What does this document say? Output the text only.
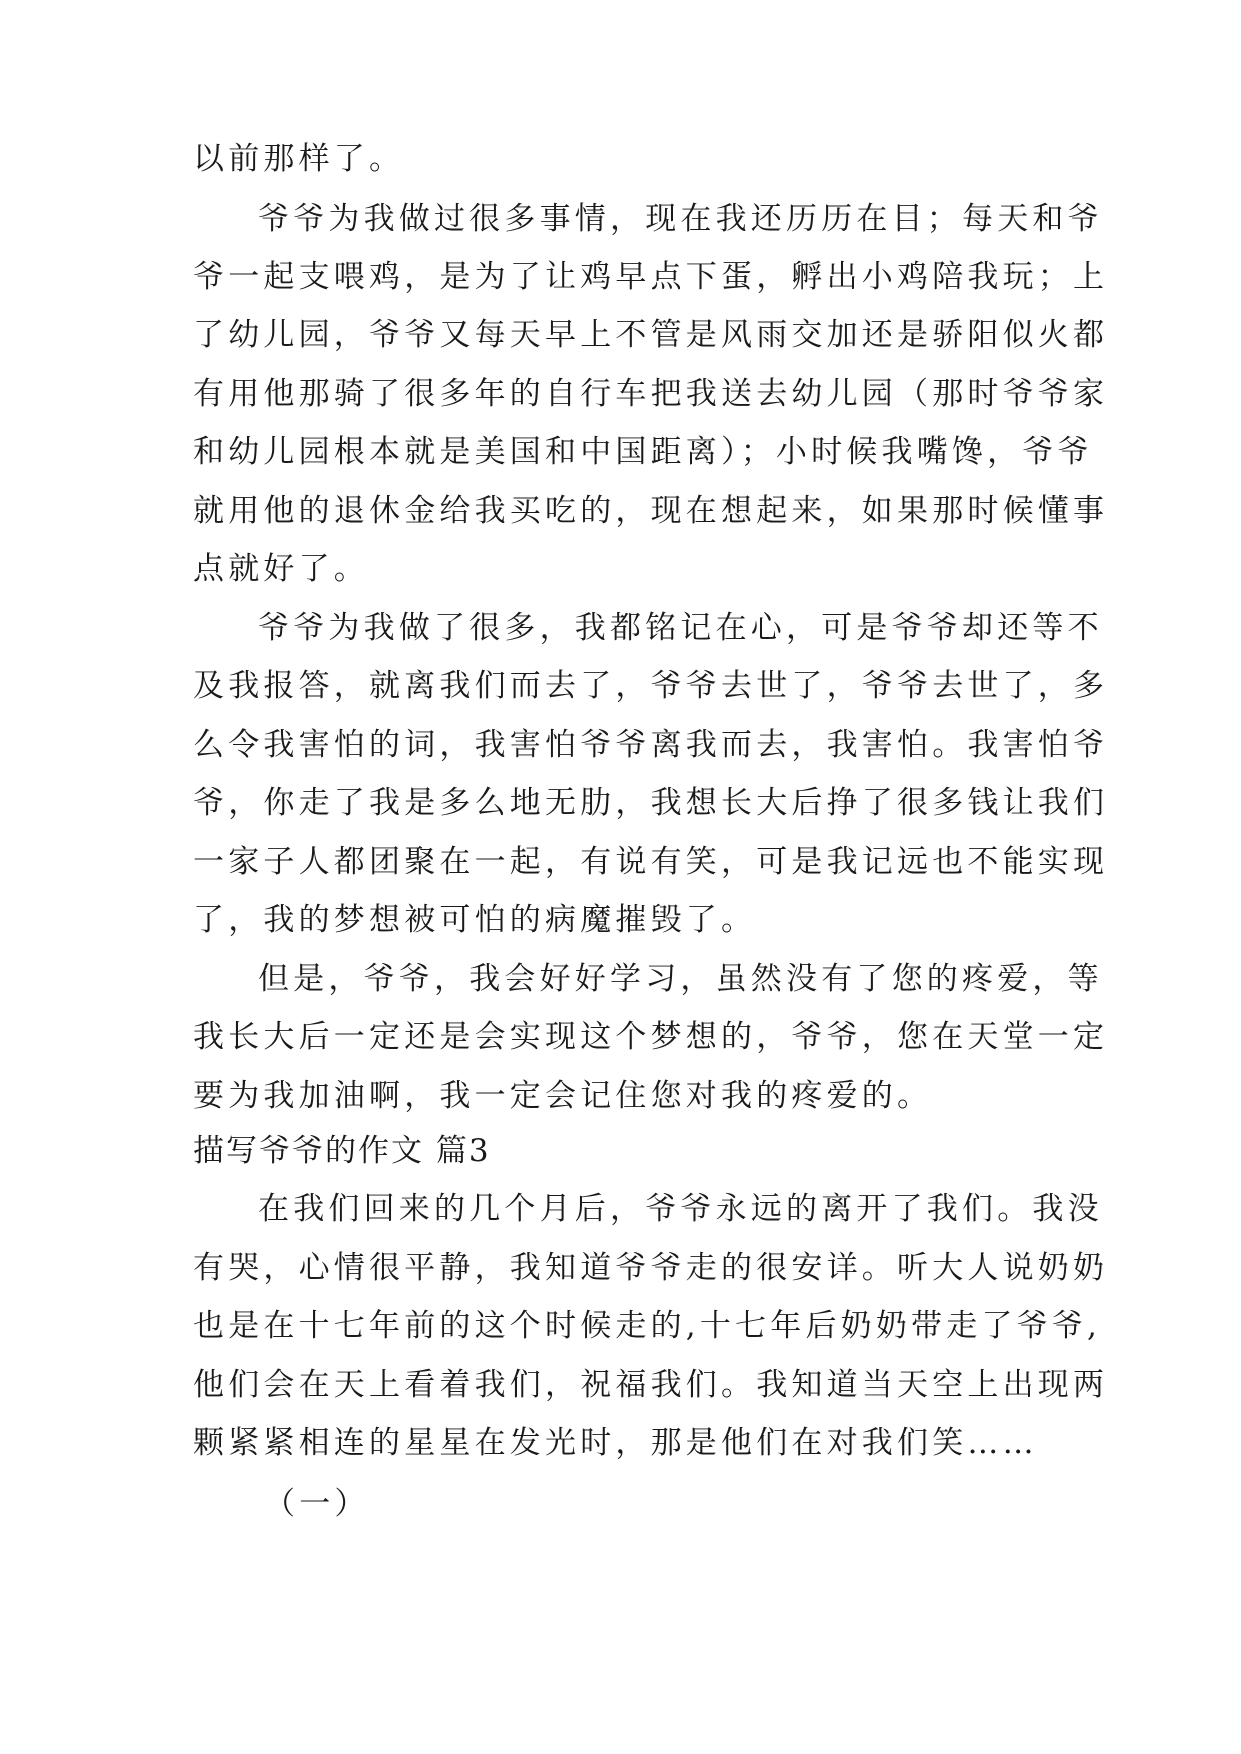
以前那样了。
爷爷为我做过很多事情，现在我还历历在目；每天和爷
爷一起支喂鸡，是为了让鸡早点下蛋，孵出小鸡陪我玩；上
了幼儿园，爷爷又每天早上不管是风雨交加还是骄阳似火都
有用他那骑了很多年的自行车把我送去幼儿园（那时爷爷家
和幼儿园根本就是美国和中国距离）；小时候我嘴馋，爷爷
就用他的退休金给我买吃的，现在想起来，如果那时候懂事
点就好了。
爷爷为我做了很多，我都铭记在心，可是爷爷却还等不
及我报答，就离我们而去了，爷爷去世了，爷爷去世了，多
么令我害怕的词，我害怕爷爷离我而去，我害怕。我害怕爷
爷，你走了我是多么地无肋，我想长大后挣了很多钱让我们
一家子人都团聚在一起，有说有笑，可是我记远也不能实现
了，我的梦想被可怕的病魔摧毁了。
但是，爷爷，我会好好学习，虽然没有了您的疼爱，等
我长大后一定还是会实现这个梦想的，爷爷，您在天堂一定
要为我加油啊，我一定会记住您对我的疼爱的。
描写爷爷的作文 篇3
在我们回来的几个月后，爷爷永远的离开了我们。我没
有哭，心情很平静，我知道爷爷走的很安详。听大人说奶奶
也是在十七年前的这个时候走的,十七年后奶奶带走了爷爷,
他们会在天上看着我们，祝福我们。我知道当天空上出现两
颗紧紧相连的星星在发光时，那是他们在对我们笑……
（一）
